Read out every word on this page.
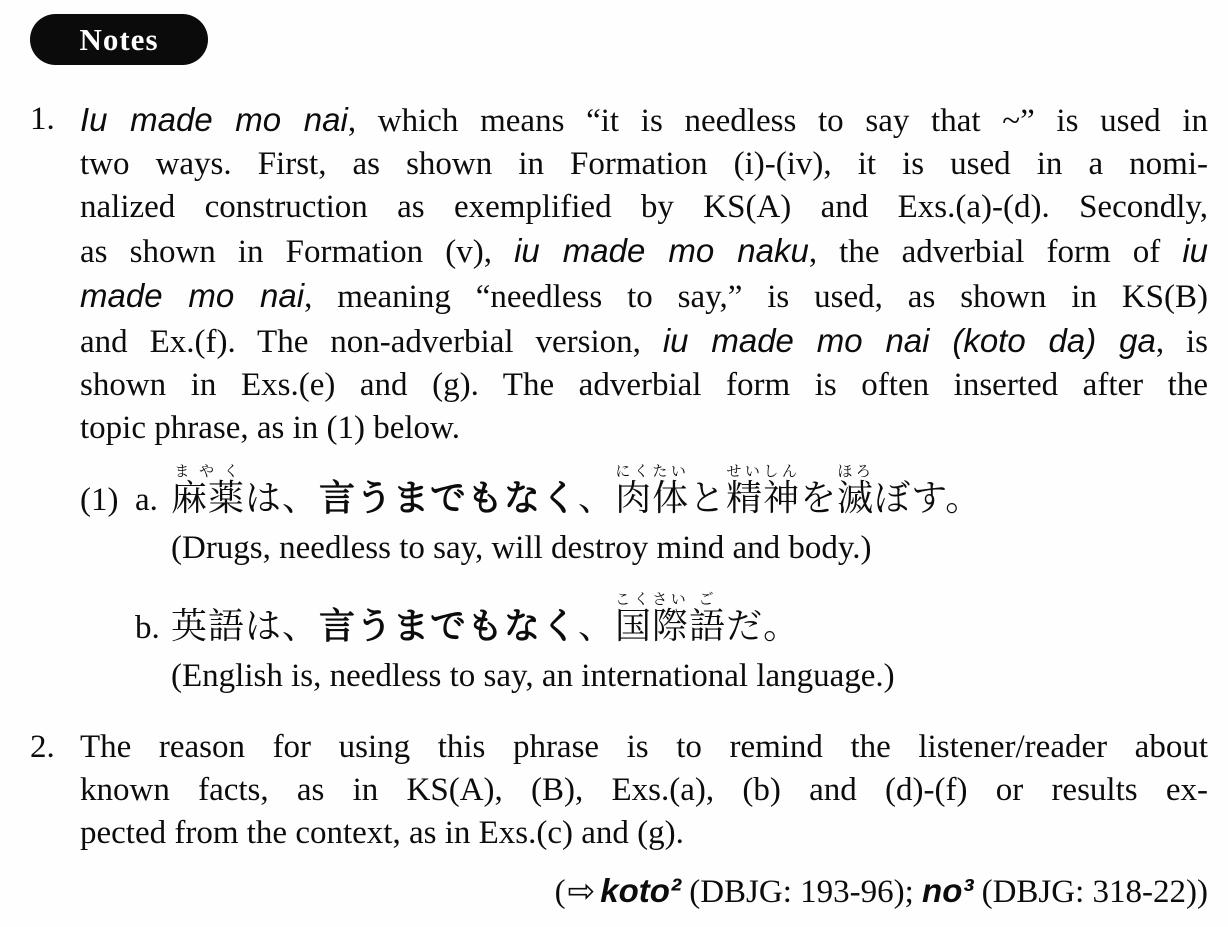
Notes
1. Iu made mo nai, which means “it is needless to say that ~” is used in
two ways. First, as shown in Formation (i)-(iv), it is used in a nomi-
nalized construction as exemplified by KS(A) and Exs.(a)-(d). Secondly,
as shown in Formation (v), iu made mo naku, the adverbial form of iu
made mo nai, meaning “needless to say,” is used, as shown in KS(B)
and Ex.(f). The non-adverbial version, iu made mo nai (koto da) ga, is
shown in Exs.(e) and (g). The adverbial form is often inserted after the
topic phrase, as in (1) below.
(1) a. 麻薬まやくは、言うまでもなく、肉体にくたいと精神せいしんを滅ほろぼす。
(Drugs, needless to say, will destroy mind and body.)
b. 英語は、言うまでもなく、国際こくさい語ごだ。
(English is, needless to say, an international language.)
2. The reason for using this phrase is to remind the listener/reader about
known facts, as in KS(A), (B), Exs.(a), (b) and (d)-(f) or results ex-
pected from the context, as in Exs.(c) and (g).
(⇨ koto² (DBJG: 193-96); no³ (DBJG: 318-22))
